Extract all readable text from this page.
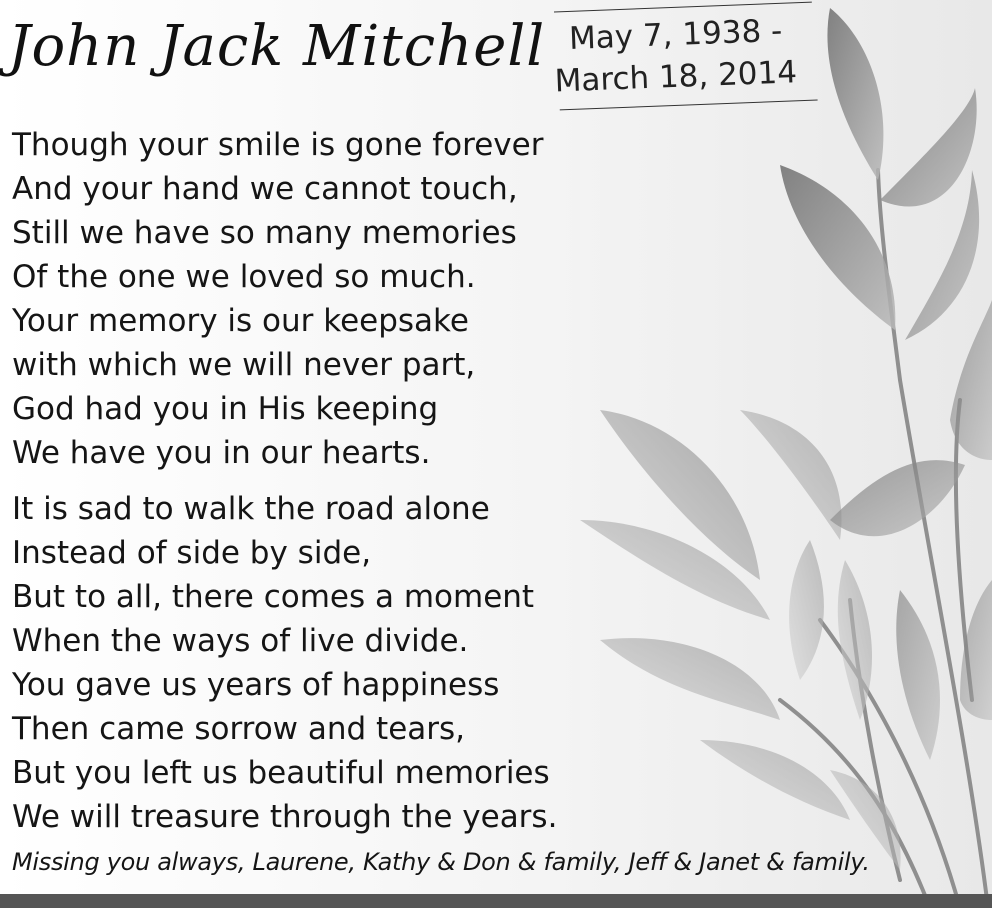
John Jack Mitchell May 7, 1938 -
March 18, 2014

Though your smile is gone forever
And your hand we cannot touch,
Still we have so many memories
Of the one we loved so much.
Your memory is our keepsake
with which we will never part,
God had you in His keeping
We have you in our hearts.

It is sad to walk the road alone
Instead of side by side,
But to all, there comes a moment
When the ways of live divide.
You gave us years of happiness
Then came sorrow and tears,
But you left us beautiful memories
We will treasure through the years.

Missing you always, Laurene, Kathy & Don & family, Jeff & Janet & family.
